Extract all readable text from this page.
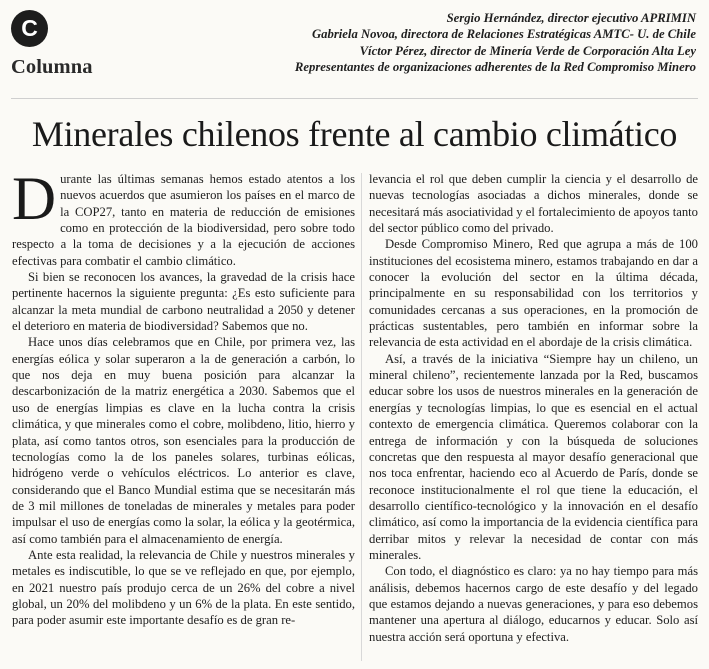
C
Columna
Sergio Hernández, director ejecutivo APRIMIN
Gabriela Novoa, directora de Relaciones Estratégicas AMTC- U. de Chile
Víctor Pérez, director de Minería Verde de Corporación Alta Ley
Representantes de organizaciones adherentes de la Red Compromiso Minero
Minerales chilenos frente al cambio climático

Durante las últimas semanas hemos estado atentos a los nuevos acuerdos que asumieron los países en el marco de la COP27, tanto en materia de reducción de emisiones como en protección de la biodiversidad, pero sobre todo respecto a la toma de decisiones y a la ejecución de acciones efectivas para combatir el cambio climático.

Si bien se reconocen los avances, la gravedad de la crisis hace pertinente hacernos la siguiente pregunta: ¿Es esto suficiente para alcanzar la meta mundial de carbono neutralidad a 2050 y detener el deterioro en materia de biodiversidad? Sabemos que no.

Hace unos días celebramos que en Chile, por primera vez, las energías eólica y solar superaron a la de generación a carbón, lo que nos deja en muy buena posición para alcanzar la descarbonización de la matriz energética a 2030. Sabemos que el uso de energías limpias es clave en la lucha contra la crisis climática, y que minerales como el cobre, molibdeno, litio, hierro y plata, así como tantos otros, son esenciales para la producción de tecnologías como la de los paneles solares, turbinas eólicas, hidrógeno verde o vehículos eléctricos. Lo anterior es clave, considerando que el Banco Mundial estima que se necesitarán más de 3 mil millones de toneladas de minerales y metales para poder impulsar el uso de energías como la solar, la eólica y la geotérmica, así como también para el almacenamiento de energía.

Ante esta realidad, la relevancia de Chile y nuestros minerales y metales es indiscutible, lo que se ve reflejado en que, por ejemplo, en 2021 nuestro país produjo cerca de un 26% del cobre a nivel global, un 20% del molibdeno y un 6% de la plata. En este sentido, para poder asumir este importante desafío es de gran re-

levancia el rol que deben cumplir la ciencia y el desarrollo de nuevas tecnologías asociadas a dichos minerales, donde se necesitará más asociatividad y el fortalecimiento de apoyos tanto del sector público como del privado.

Desde Compromiso Minero, Red que agrupa a más de 100 instituciones del ecosistema minero, estamos trabajando en dar a conocer la evolución del sector en la última década, principalmente en su responsabilidad con los territorios y comunidades cercanas a sus operaciones, en la promoción de prácticas sustentables, pero también en informar sobre la relevancia de esta actividad en el abordaje de la crisis climática.

Así, a través de la iniciativa “Siempre hay un chileno, un mineral chileno”, recientemente lanzada por la Red, buscamos educar sobre los usos de nuestros minerales en la generación de energías y tecnologías limpias, lo que es esencial en el actual contexto de emergencia climática. Queremos colaborar con la entrega de información y con la búsqueda de soluciones concretas que den respuesta al mayor desafío generacional que nos toca enfrentar, haciendo eco al Acuerdo de París, donde se reconoce institucionalmente el rol que tiene la educación, el desarrollo científico-tecnológico y la innovación en el desafío climático, así como la importancia de la evidencia científica para derribar mitos y relevar la necesidad de contar con más minerales.

Con todo, el diagnóstico es claro: ya no hay tiempo para más análisis, debemos hacernos cargo de este desafío y del legado que estamos dejando a nuevas generaciones, y para eso debemos mantener una apertura al diálogo, educarnos y educar. Solo así nuestra acción será oportuna y efectiva.
